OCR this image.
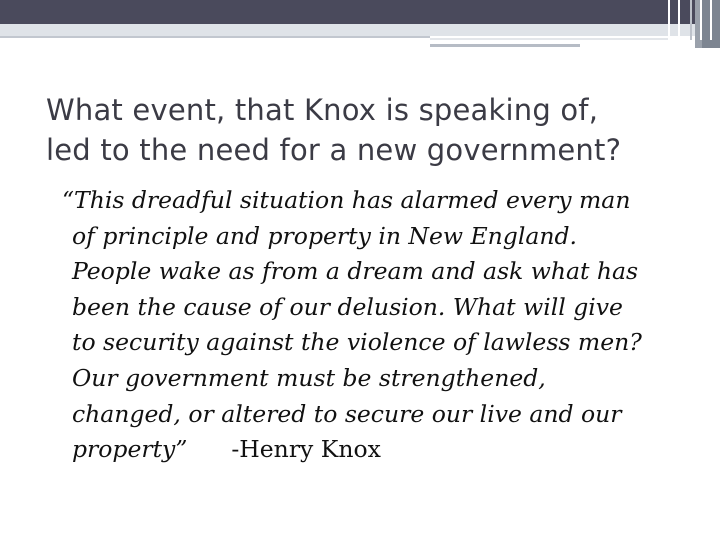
What event, that Knox is speaking of,
led to the need for a new government?

“This dreadful situation has alarmed every man
of principle and property in New England.
People wake as from a dream and ask what has
been the cause of our delusion. What will give
to security against the violence of lawless men?
Our government must be strengthened,
changed, or altered to secure our live and our
property” -Henry Knox
